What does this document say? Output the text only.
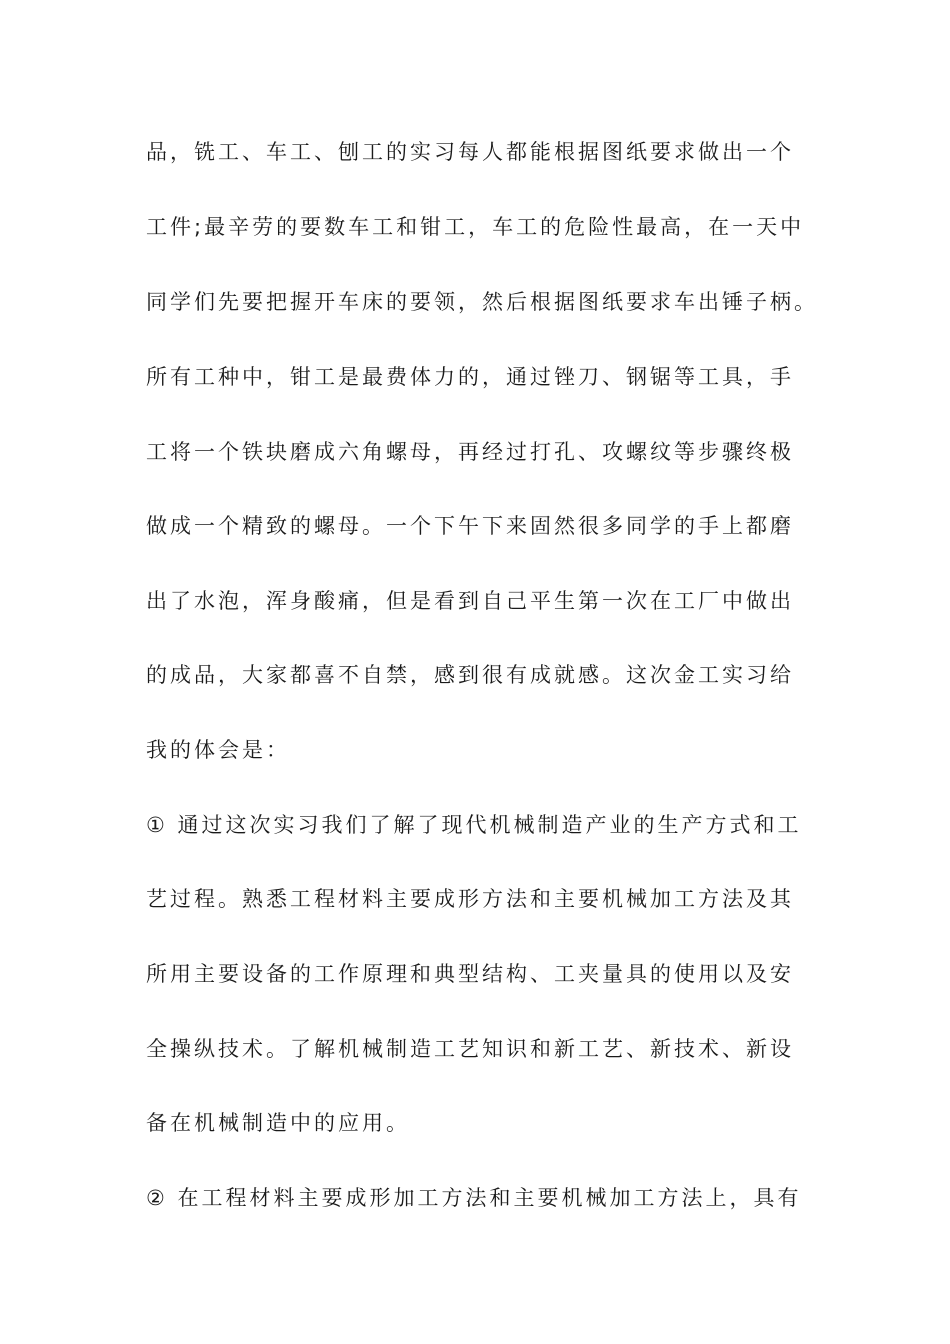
品，铣工、车工、刨工的实习每人都能根据图纸要求做出一个
工件;最辛劳的要数车工和钳工，车工的危险性最高，在一天中
同学们先要把握开车床的要领，然后根据图纸要求车出锤子柄。
所有工种中，钳工是最费体力的，通过锉刀、钢锯等工具，手
工将一个铁块磨成六角螺母，再经过打孔、攻螺纹等步骤终极
做成一个精致的螺母。一个下午下来固然很多同学的手上都磨
出了水泡，浑身酸痛，但是看到自己平生第一次在工厂中做出
的成品，大家都喜不自禁，感到很有成就感。这次金工实习给
我的体会是：
① 通过这次实习我们了解了现代机械制造产业的生产方式和工
艺过程。熟悉工程材料主要成形方法和主要机械加工方法及其
所用主要设备的工作原理和典型结构、工夹量具的使用以及安
全操纵技术。了解机械制造工艺知识和新工艺、新技术、新设
备在机械制造中的应用。
② 在工程材料主要成形加工方法和主要机械加工方法上，具有
